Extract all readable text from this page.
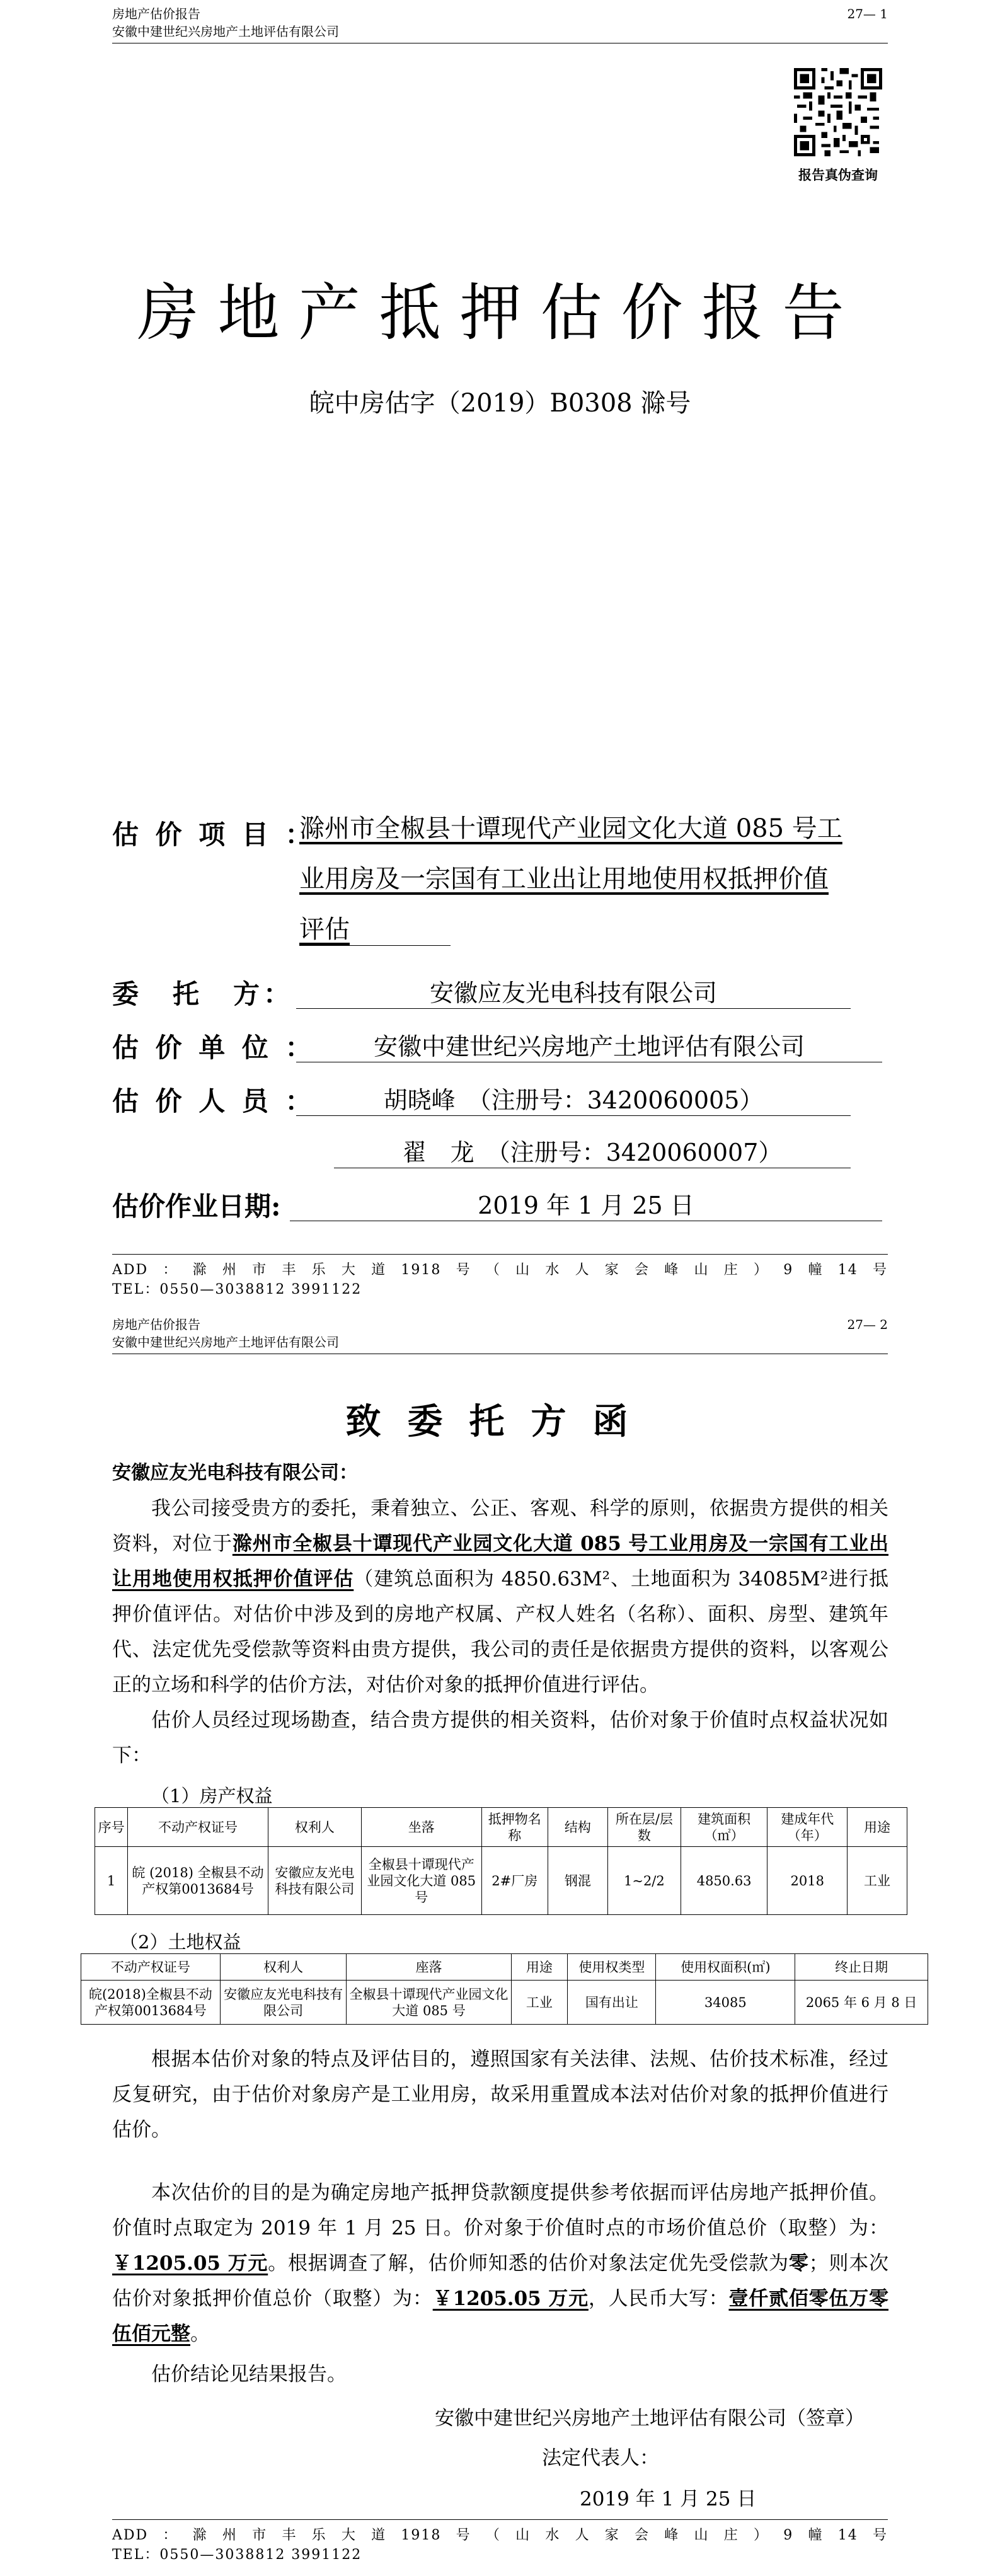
房地产估价报告
安徽中建世纪兴房地产土地评估有限公司
27— 1
报告真伪查询
房地产抵押估价报告
皖中房估字（2019）B0308 滁号
估 价 项 目 ：
滁州市全椒县十谭现代产业园文化大道 085 号工
业用房及一宗国有工业出让用地使用权抵押价值
评估
委　托　方：	安徽应友光电科技有限公司
估 价 单 位 ：	安徽中建世纪兴房地产土地评估有限公司
估 价 人 员 ：	胡晓峰　（注册号：3420060005）
翟　龙　（注册号：3420060007）
估价作业日期:	2019 年 1 月 25 日
ADD：滁州市丰乐大道1918号（山水人家会峰山庄）9幢14号
TEL：0550—3038812 3991122
房地产估价报告
安徽中建世纪兴房地产土地评估有限公司
27— 2
致委托方函
安徽应友光电科技有限公司：
我公司接受贵方的委托，秉着独立、公正、客观、科学的原则，依据贵方提供的相关资料，对位于滁州市全椒县十谭现代产业园文化大道 085 号工业用房及一宗国有工业出让用地使用权抵押价值评估（建筑总面积为 4850.63M²、土地面积为 34085M²进行抵押价值评估。对估价中涉及到的房地产权属、产权人姓名（名称）、面积、房型、建筑年代、法定优先受偿款等资料由贵方提供，我公司的责任是依据贵方提供的资料，以客观公正的立场和科学的估价方法，对估价对象的抵押价值进行评估。
估价人员经过现场勘查，结合贵方提供的相关资料，估价对象于价值时点权益状况如下：
（1）房产权益
序号	不动产权证号	权利人	坐落	抵押物名称	结构	所在层/层数	建筑面积（㎡）	建成年代（年）	用途
1	皖 (2018) 全椒县不动产权第0013684号	安徽应友光电科技有限公司	全椒县十谭现代产业园文化大道 085 号	2#厂房	钢混	1~2/2	4850.63	2018	工业
（2）土地权益
不动产权证号	权利人	座落	用途	使用权类型	使用权面积(㎡)	终止日期
皖(2018)全椒县不动产权第0013684号	安徽应友光电科技有限公司	全椒县十谭现代产业园文化大道 085 号	工业	国有出让	34085	2065 年 6 月 8 日
根据本估价对象的特点及评估目的，遵照国家有关法律、法规、估价技术标准，经过反复研究，由于估价对象房产是工业用房，故采用重置成本法对估价对象的抵押价值进行估价。
本次估价的目的是为确定房地产抵押贷款额度提供参考依据而评估房地产抵押价值。价值时点取定为 2019 年 1 月 25 日。价对象于价值时点的市场价值总价（取整）为：￥1205.05 万元。根据调查了解，估价师知悉的估价对象法定优先受偿款为零；则本次估价对象抵押价值总价（取整）为：￥1205.05 万元，人民币大写：壹仟贰佰零伍万零伍佰元整。
估价结论见结果报告。
安徽中建世纪兴房地产土地评估有限公司（签章）
法定代表人：
2019 年 1 月 25 日
ADD：滁州市丰乐大道1918号（山水人家会峰山庄）9幢14号
TEL：0550—3038812 3991122
